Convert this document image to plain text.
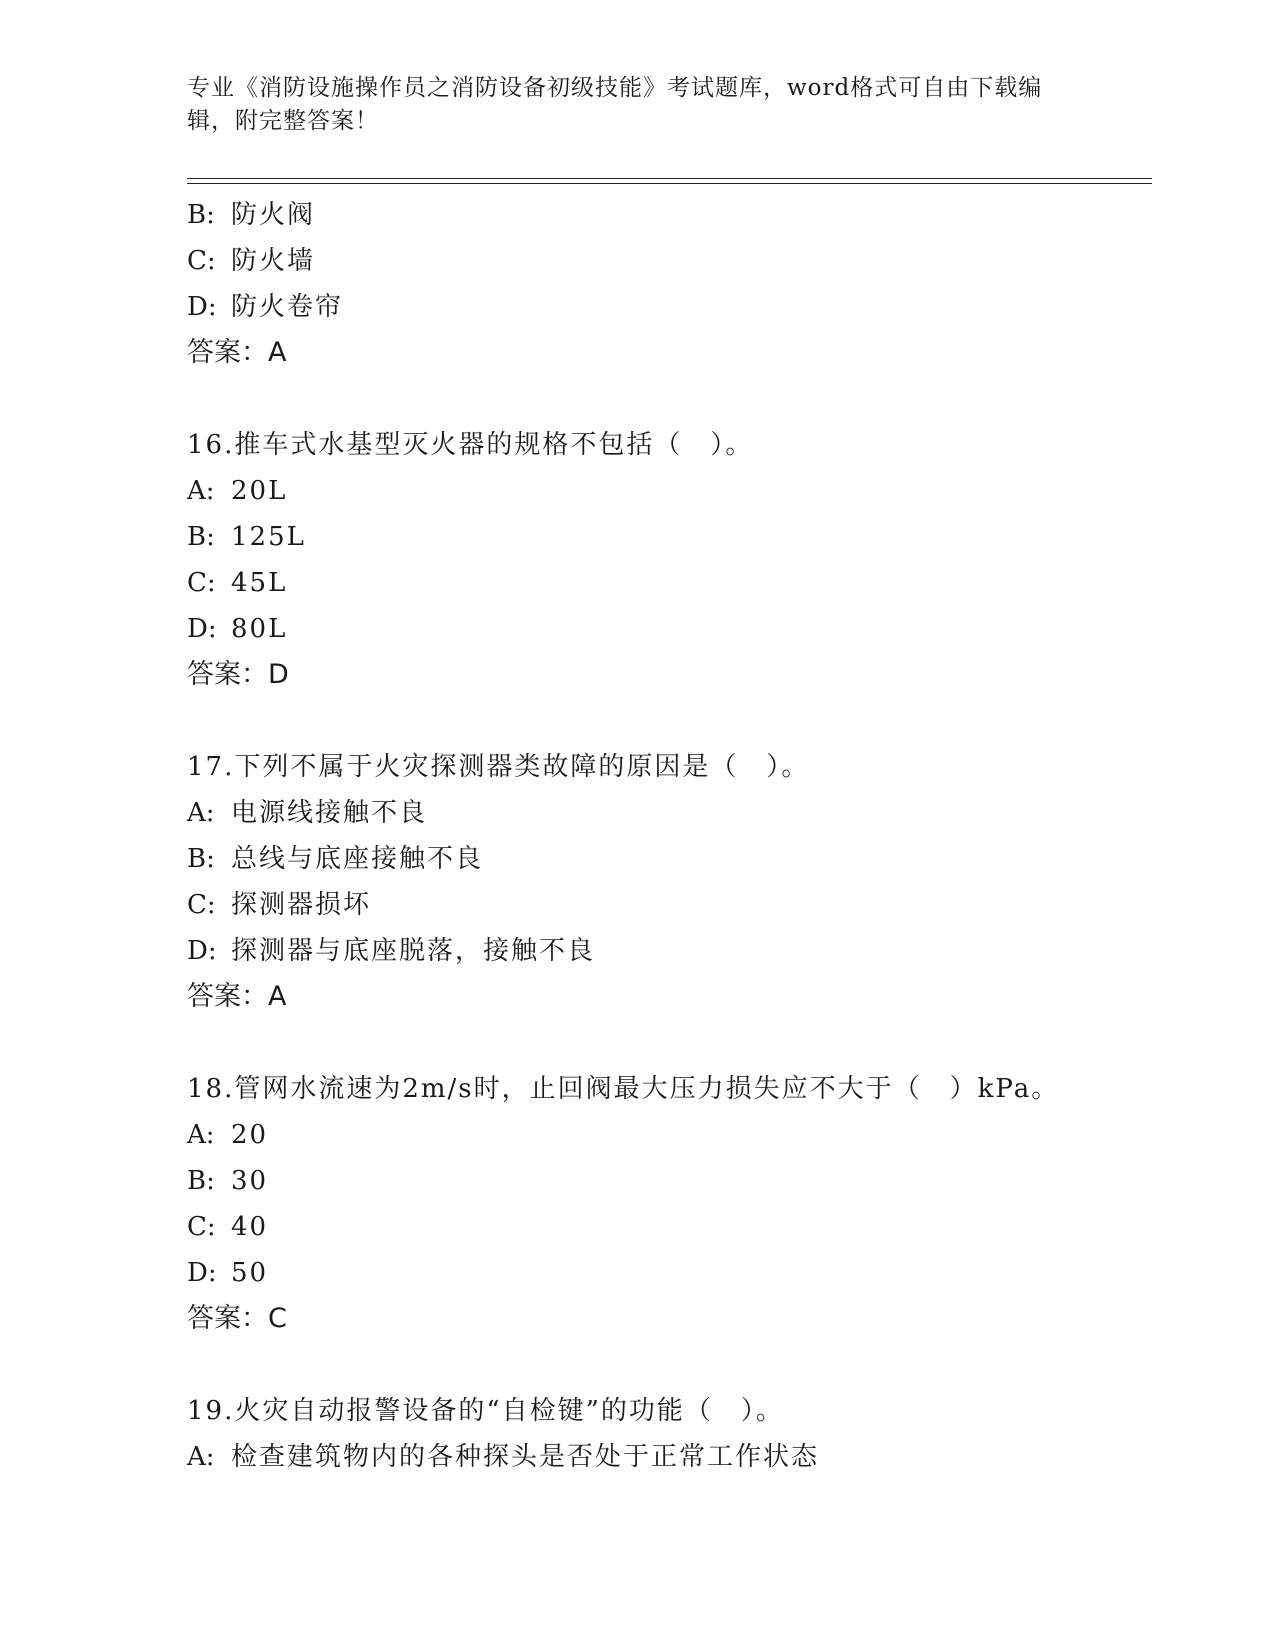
专业《消防设施操作员之消防设备初级技能》考试题库，word格式可自由下载编
辑，附完整答案！
B: 防火阀
C: 防火墙
D: 防火卷帘
答案：A
16.推车式水基型灭火器的规格不包括（　）。
A: 20L
B: 125L
C: 45L
D: 80L
答案：D
17.下列不属于火灾探测器类故障的原因是（　）。
A: 电源线接触不良
B: 总线与底座接触不良
C: 探测器损坏
D: 探测器与底座脱落，接触不良
答案：A
18.管网水流速为2m/s时，止回阀最大压力损失应不大于（　）kPa。
A: 20
B: 30
C: 40
D: 50
答案：C
19.火灾自动报警设备的“自检键”的功能（　）。
A: 检查建筑物内的各种探头是否处于正常工作状态
